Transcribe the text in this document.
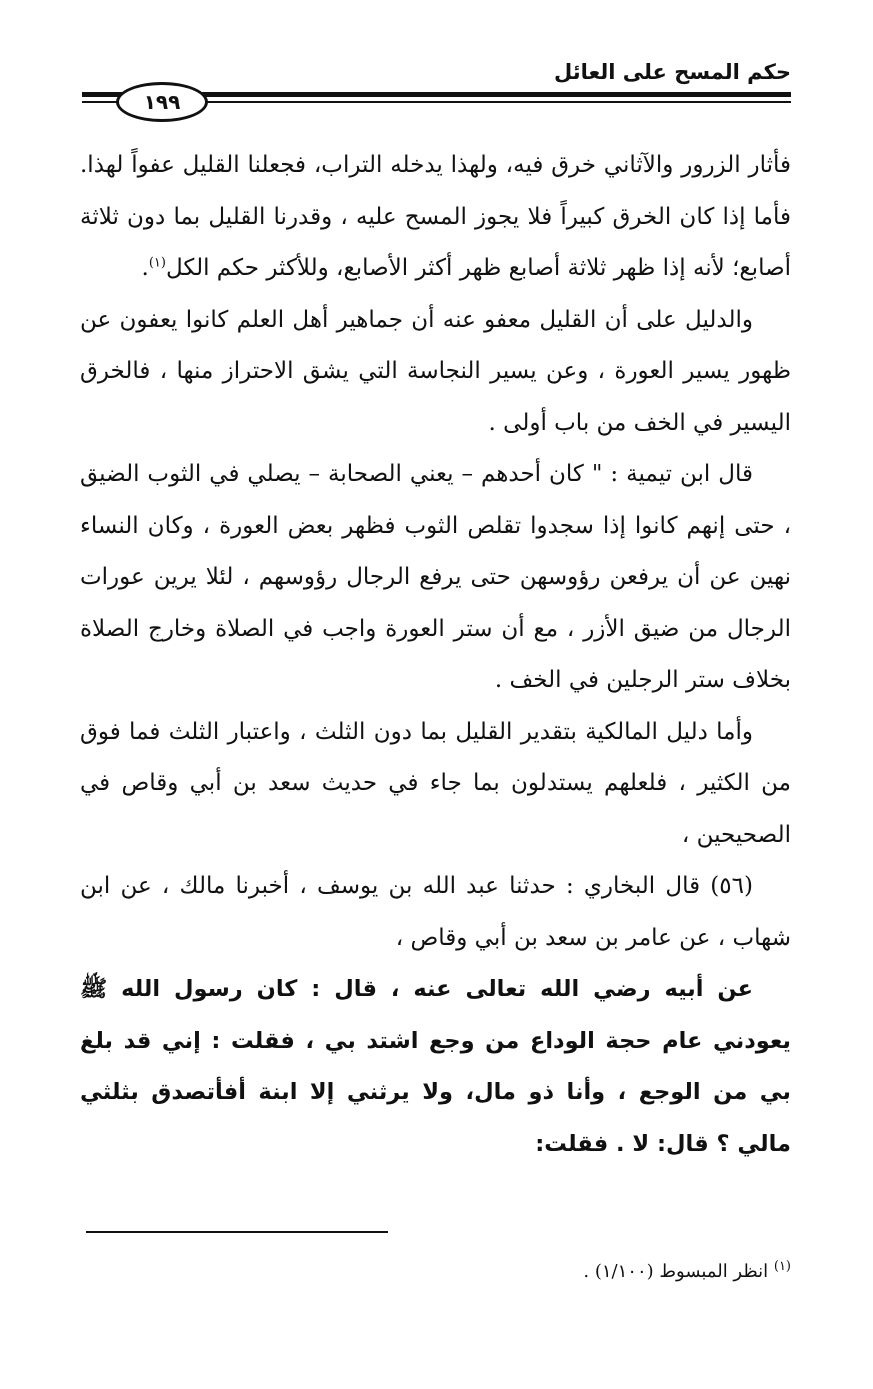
حكم المسح على العائل
١٩٩

فأثار الزرور والآثاني خرق فيه، ولهذا يدخله التراب، فجعلنا القليل عفواً لهذا. فأما إذا كان الخرق كبيراً فلا يجوز المسح عليه ، وقدرنا القليل بما دون ثلاثة أصابع؛ لأنه إذا ظهر ثلاثة أصابع ظهر أكثر الأصابع، وللأكثر حكم الكل$^{(١)}$.

والدليل على أن القليل معفو عنه أن جماهير أهل العلم كانوا يعفون عن ظهور يسير العورة ، وعن يسير النجاسة التي يشق الاحتراز منها ، فالخرق اليسير في الخف من باب أولى .

قال ابن تيمية : " كان أحدهم – يعني الصحابة – يصلي في الثوب الضيق ، حتى إنهم كانوا إذا سجدوا تقلص الثوب فظهر بعض العورة ، وكان النساء نهين عن أن يرفعن رؤوسهن حتى يرفع الرجال رؤوسهم ، لئلا يرين عورات الرجال من ضيق الأزر ، مع أن ستر العورة واجب في الصلاة وخارج الصلاة بخلاف ستر الرجلين في الخف .

وأما دليل المالكية بتقدير القليل بما دون الثلث ، واعتبار الثلث فما فوق من الكثير ، فلعلهم يستدلون بما جاء في حديث سعد بن أبي وقاص في الصحيحين ،

(٥٦) قال البخاري : حدثنا عبد الله بن يوسف ، أخبرنا مالك ، عن ابن شهاب ، عن عامر بن سعد بن أبي وقاص ،

عن أبيه رضي الله تعالى عنه ، قال : كان رسول الله ﷺ يعودني عام حجة الوداع من وجع اشتد بي ، فقلت : إني قد بلغ بي من الوجع ، وأنا ذو مال، ولا يرثني إلا ابنة أفأتصدق بثلثي مالي ؟ قال: لا . فقلت:

$^{(١)}$ انظر المبسوط (١/١٠٠) .
